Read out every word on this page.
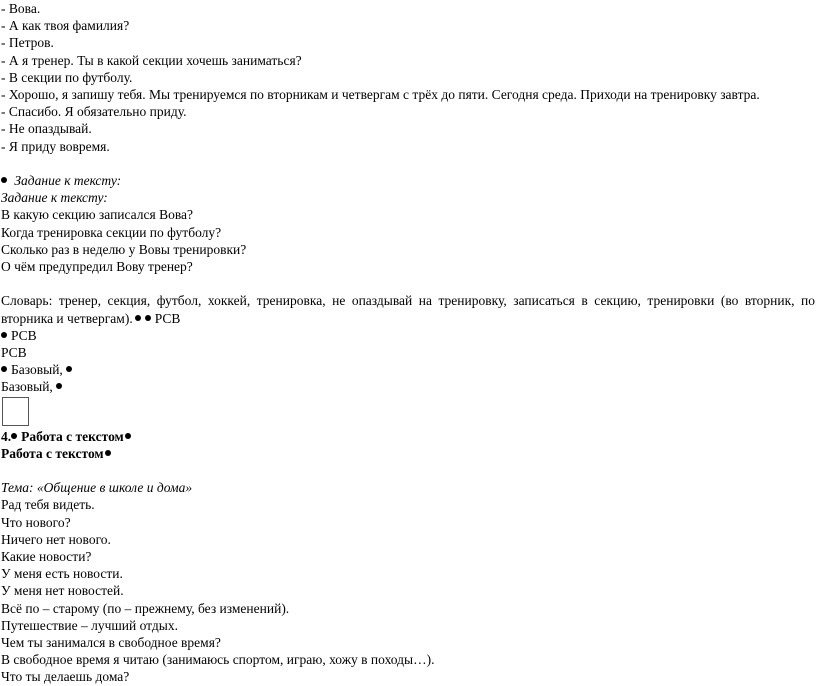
- Вова.
- А как твоя фамилия?
- Петров.
- А я тренер. Ты в какой секции хочешь заниматься?
- В секции по футболу.
- Хорошо, я запишу тебя. Мы тренируемся по вторникам и четвергам с трёх до пяти. Сегодня среда. Приходи на тренировку завтра.
- Спасибо. Я обязательно приду.
- Не опаздывай.
- Я приду вовремя.
Задание к тексту:
Задание к тексту:
В какую секцию записался Вова?
Когда тренировка секции по футболу?
Сколько раз в неделю у Вовы тренировки?
О чём предупредил Вову тренер?
Словарь: тренер, секция, футбол, хоккей, тренировка, не опаздывай на тренировку, записаться в секцию, тренировки (во вторник, по вторника и четвергам). РСВ
РСВ
РСВ
Базовый,
Базовый,
4. Работа с текстом
Работа с текстом
Тема: «Общение в школе и дома»
Рад тебя видеть.
Что нового?
Ничего нет нового.
Какие новости?
У меня есть новости.
У меня нет новостей.
Всё по – старому (по – прежнему, без изменений).
Путешествие – лучший отдых.
Чем ты занимался в свободное время?
В свободное время я читаю (занимаюсь спортом, играю, хожу в походы…).
Что ты делаешь дома?
